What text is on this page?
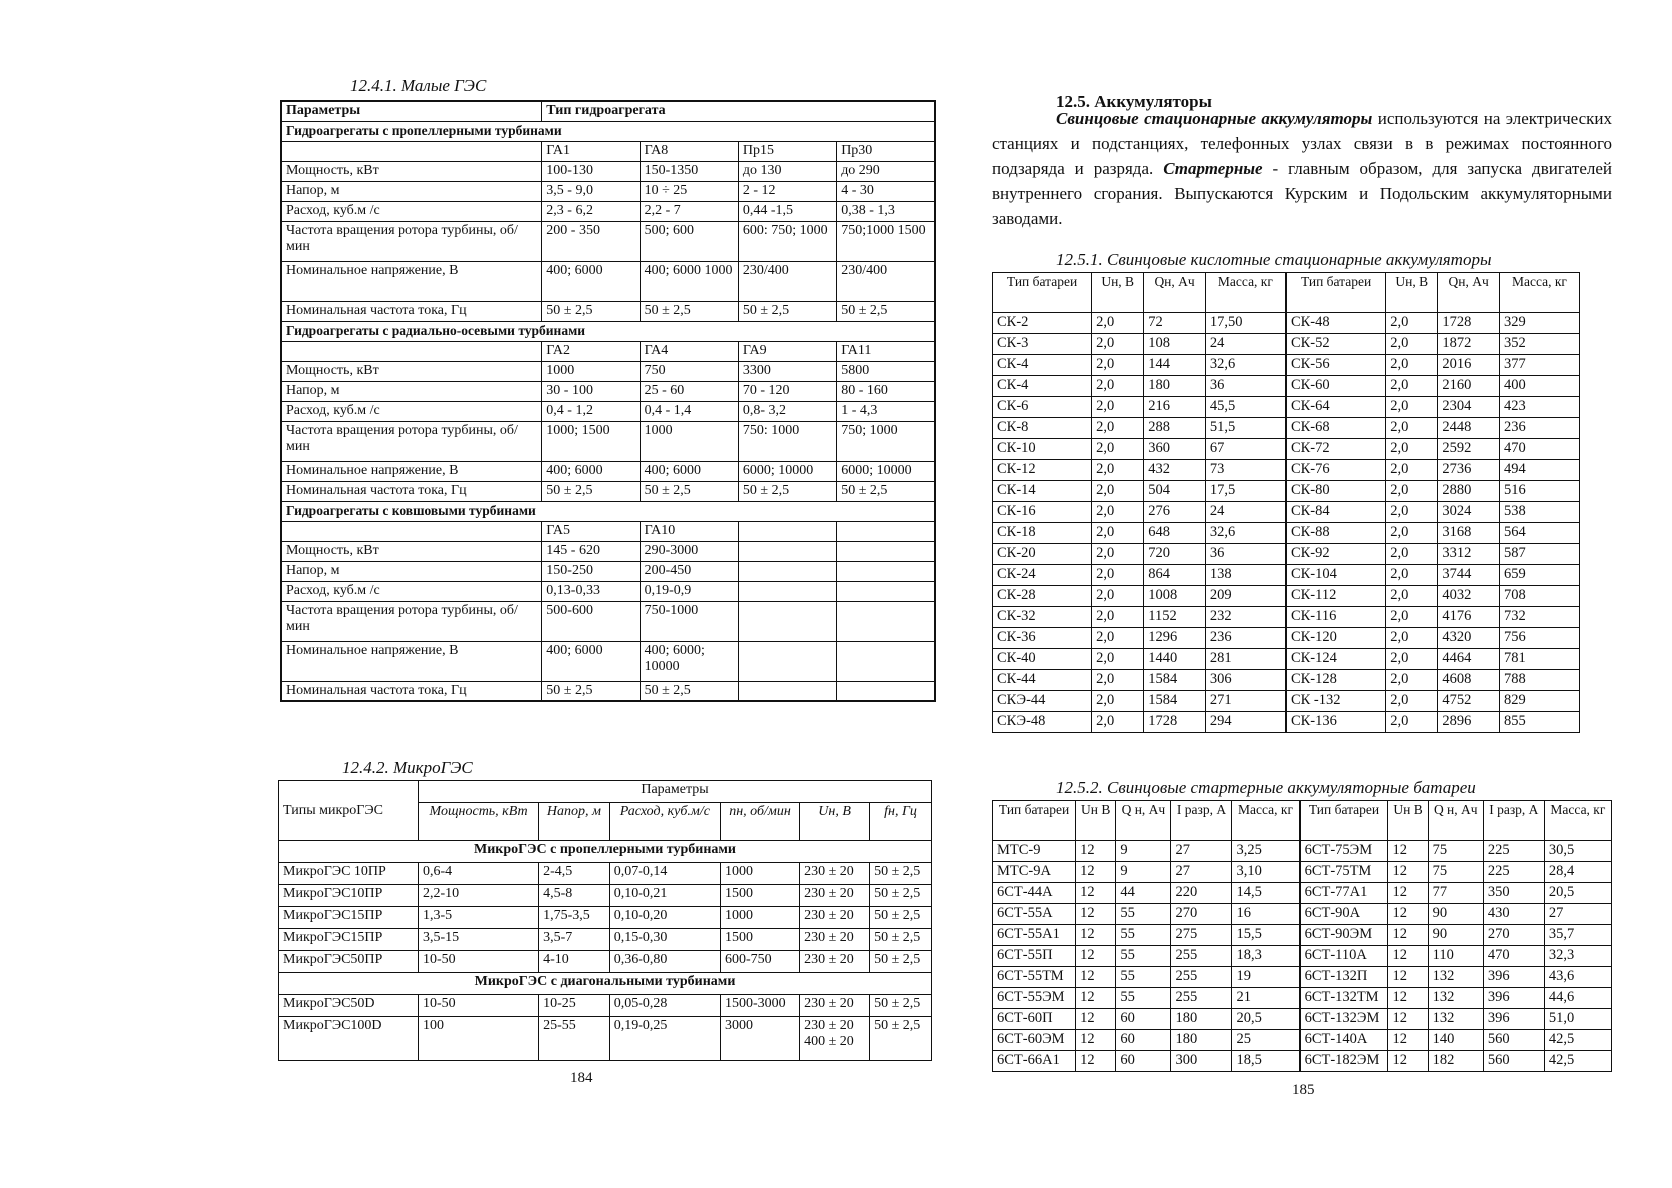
12.4.1. Малые ГЭС
Параметры	Тип гидроагрегата			
Гидроагрегаты с пропеллерными турбинами				
	ГА1	ГА8	Пр15	Пр30
Мощность, кВт	100-130	150-1350	до 130	до 290
Напор, м	3,5 - 9,0	10 ÷ 25	2 - 12	4 - 30
Расход, куб.м /с	2,3 - 6,2	2,2 - 7	0,44 -1,5	0,38 - 1,3
Частота вращения ротора турбины, об/мин	200 - 350	500; 600	600: 750; 1000	750;1000 1500
Номинальное напряжение, В	400; 6000	400; 6000 1000	230/400	230/400
Номинальная частота тока, Гц	50 ± 2,5	50 ± 2,5	50 ± 2,5	50 ± 2,5
Гидроагрегаты с радиально-осевыми турбинами				
	ГА2	ГА4	ГА9	ГА11
Мощность, кВт	1000	750	3300	5800
Напор, м	30 - 100	25 - 60	70 - 120	80 - 160
Расход, куб.м /с	0,4 - 1,2	0,4 - 1,4	0,8- 3,2	1 - 4,3
Частота вращения ротора турбины, об/мин	1000; 1500	1000	750: 1000	750; 1000
Номинальное напряжение, В	400; 6000	400; 6000	6000; 10000	6000; 10000
Номинальная частота тока, Гц	50 ± 2,5	50 ± 2,5	50 ± 2,5	50 ± 2,5
Гидроагрегаты с ковшовыми турбинами				
	ГА5	ГА10		
Мощность, кВт	145 - 620	290-3000		
Напор, м	150-250	200-450		
Расход, куб.м /с	0,13-0,33	0,19-0,9		
Частота вращения ротора турбины, об/мин	500-600	750-1000		
Номинальное напряжение, В	400; 6000	400; 6000; 10000		
Номинальная частота тока, Гц	50 ± 2,5	50 ± 2,5		
12.4.2. МикроГЭС
Типы микроГЭС	Параметры					
	Мощность, кВт	Напор, м	Расход, куб.м/с	nн, об/мин	Uн, В	fн, Гц
МикроГЭС с пропеллерными турбинами						
МикроГЭС 10ПР	0,6-4	2-4,5	0,07-0,14	1000	230 ± 20	50 ± 2,5
МикроГЭС10ПР	2,2-10	4,5-8	0,10-0,21	1500	230 ± 20	50 ± 2,5
МикроГЭС15ПР	1,3-5	1,75-3,5	0,10-0,20	1000	230 ± 20	50 ± 2,5
МикроГЭС15ПР	3,5-15	3,5-7	0,15-0,30	1500	230 ± 20	50 ± 2,5
МикроГЭС50ПР	10-50	4-10	0,36-0,80	600-750	230 ± 20	50 ± 2,5
МикроГЭС с диагональными турбинами						
МикроГЭС50D	10-50	10-25	0,05-0,28	1500-3000	230 ± 20	50 ± 2,5
МикроГЭС100D	100	25-55	0,19-0,25	3000	230 ± 20 400 ± 20	50 ± 2,5
184
12.5. Аккумуляторы
Свинцовые стационарные аккумуляторы используются на электрических станциях и подстанциях, телефонных узлах связи в в режимах постоянного подзаряда и разряда. Стартерные - главным образом, для запуска двигателей внутреннего сгорания. Выпускаются Курским и Подольским аккумуляторными заводами.
12.5.1. Свинцовые кислотные стационарные аккумуляторы
Тип батареи	Uн, В	Qн, Ач	Масса, кг	Тип батареи	Uн, В	Qн, Ач	Масса, кг
СК-2	2,0	72	17,50	СК-48	2,0	1728	329
СК-3	2,0	108	24	СК-52	2,0	1872	352
СК-4	2,0	144	32,6	СК-56	2,0	2016	377
СК-4	2,0	180	36	СК-60	2,0	2160	400
СК-6	2,0	216	45,5	СК-64	2,0	2304	423
СК-8	2,0	288	51,5	СК-68	2,0	2448	236
СК-10	2,0	360	67	СК-72	2,0	2592	470
СК-12	2,0	432	73	СК-76	2,0	2736	494
СК-14	2,0	504	17,5	СК-80	2,0	2880	516
СК-16	2,0	276	24	СК-84	2,0	3024	538
СК-18	2,0	648	32,6	СК-88	2,0	3168	564
СК-20	2,0	720	36	СК-92	2,0	3312	587
СК-24	2,0	864	138	СК-104	2,0	3744	659
СК-28	2,0	1008	209	СК-112	2,0	4032	708
СК-32	2,0	1152	232	СК-116	2,0	4176	732
СК-36	2,0	1296	236	СК-120	2,0	4320	756
СК-40	2,0	1440	281	СК-124	2,0	4464	781
СК-44	2,0	1584	306	СК-128	2,0	4608	788
СКЭ-44	2,0	1584	271	СК -132	2,0	4752	829
СКЭ-48	2,0	1728	294	СК-136	2,0	2896	855
12.5.2. Свинцовые стартерные аккумуляторные батареи
Тип батареи	Uн В	Q н, Ач	I разр, А	Масса, кг	Тип батареи	Uн В	Q н, Ач	I разр, А	Масса, кг
МТС-9	12	9	27	3,25	6СТ-75ЭМ	12	75	225	30,5
МТС-9А	12	9	27	3,10	6СТ-75ТМ	12	75	225	28,4
6СТ-44А	12	44	220	14,5	6СТ-77А1	12	77	350	20,5
6СТ-55А	12	55	270	16	6СТ-90А	12	90	430	27
6СТ-55А1	12	55	275	15,5	6СТ-90ЭМ	12	90	270	35,7
6СТ-55П	12	55	255	18,3	6СТ-110А	12	110	470	32,3
6СТ-55ТМ	12	55	255	19	6СТ-132П	12	132	396	43,6
6СТ-55ЭМ	12	55	255	21	6СТ-132ТМ	12	132	396	44,6
6СТ-60П	12	60	180	20,5	6СТ-132ЭМ	12	132	396	51,0
6СТ-60ЭМ	12	60	180	25	6СТ-140А	12	140	560	42,5
6СТ-66А1	12	60	300	18,5	6СТ-182ЭМ	12	182	560	42,5
185
